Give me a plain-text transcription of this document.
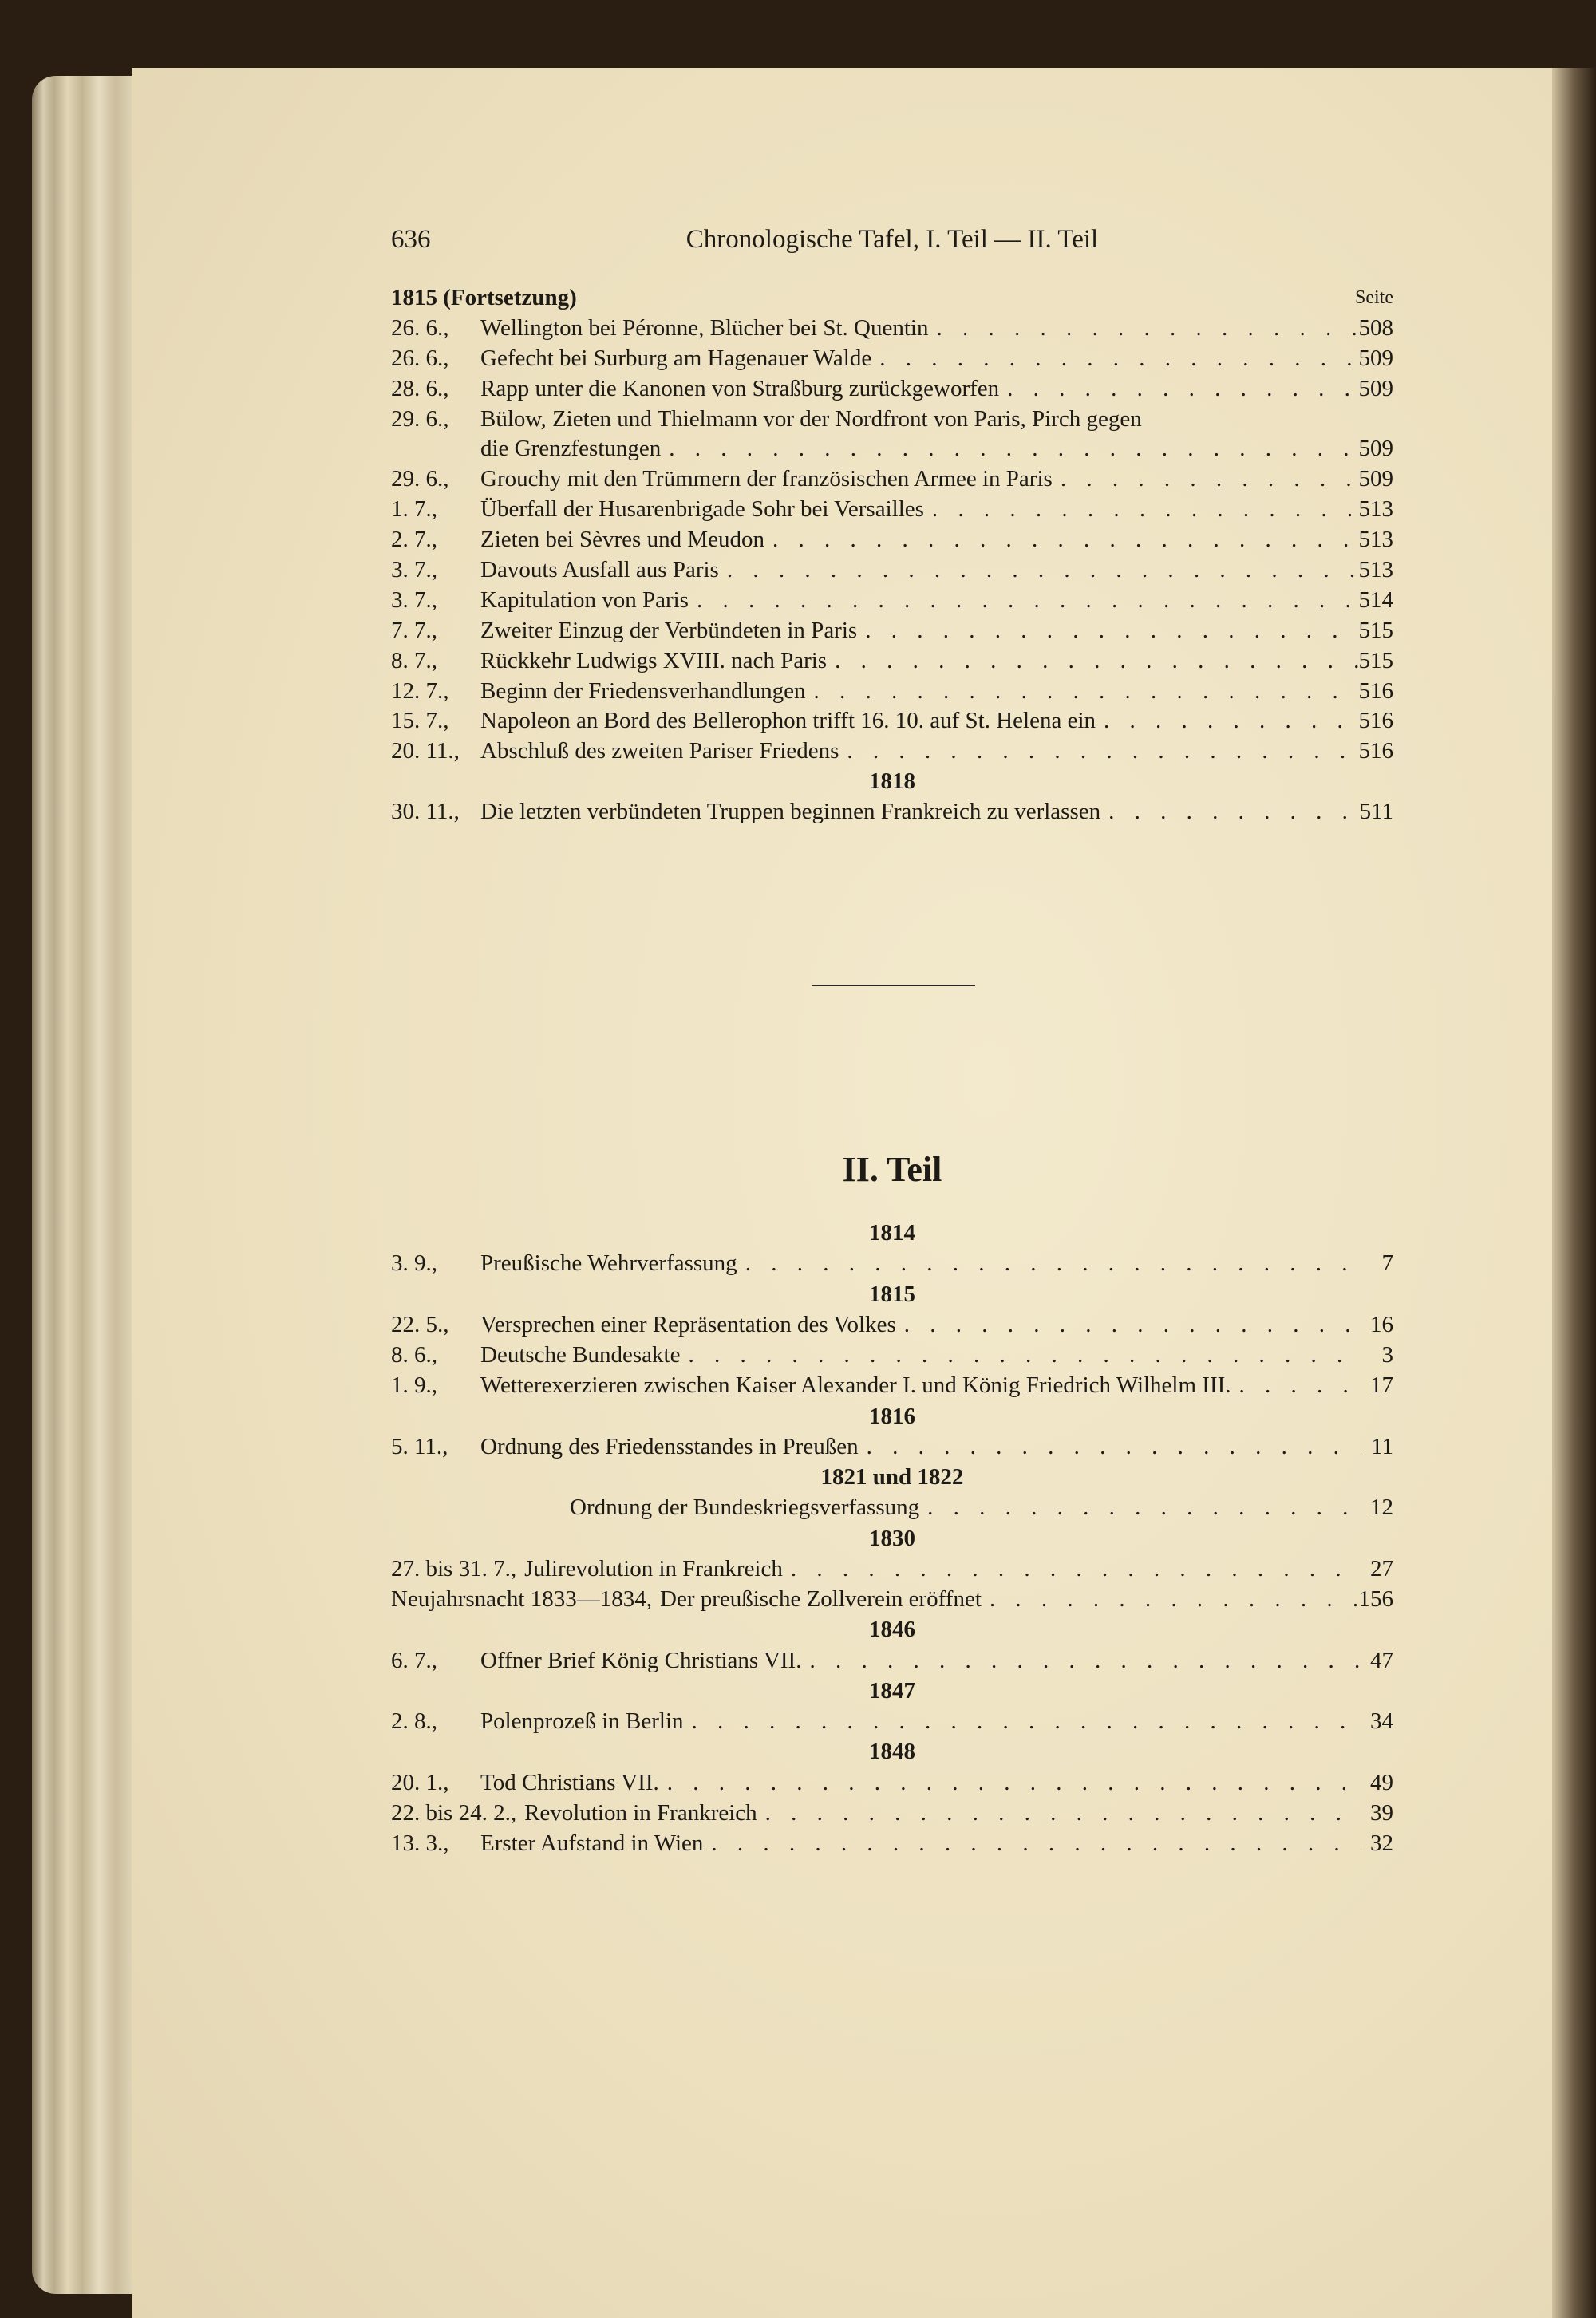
636	Chronologische Tafel, I. Teil — II. Teil
1815 (Fortsetzung)	Seite
26. 6.,	Wellington bei Péronne, Blücher bei St. Quentin . . .	508
26. 6.,	Gefecht bei Surburg am Hagenauer Walde . . .	509
28. 6.,	Rapp unter die Kanonen von Straßburg zurückgeworfen . . .	509
29. 6.,	Bülow, Zieten und Thielmann vor der Nordfront von Paris, Pirch gegen
die Grenzfestungen . . .	509
29. 6.,	Grouchy mit den Trümmern der französischen Armee in Paris . . .	509
1. 7.,	Überfall der Husarenbrigade Sohr bei Versailles . . .	513
2. 7.,	Zieten bei Sèvres und Meudon . . .	513
3. 7.,	Davouts Ausfall aus Paris . . .	513
3. 7.,	Kapitulation von Paris . . .	514
7. 7.,	Zweiter Einzug der Verbündeten in Paris . . .	515
8. 7.,	Rückkehr Ludwigs XVIII. nach Paris . . .	515
12. 7.,	Beginn der Friedensverhandlungen . . .	516
15. 7.,	Napoleon an Bord des Bellerophon trifft 16. 10. auf St. Helena ein . . .	516
20. 11., Abschluß des zweiten Pariser Friedens . . .	516
1818
30. 11., Die letzten verbündeten Truppen beginnen Frankreich zu verlassen . . .	511
II. Teil
1814
3. 9.,	Preußische Wehrverfassung . . .	7
1815
22. 5.,	Versprechen einer Repräsentation des Volkes . . .	16
8. 6.,	Deutsche Bundesakte . . .	3
1. 9.,	Wetterexerzieren zwischen Kaiser Alexander I. und König Friedrich Wilhelm III. . . .	17
1816
5. 11.,	Ordnung des Friedensstandes in Preußen . . .	11
1821 und 1822
Ordnung der Bundeskriegsverfassung . . .	12
1830
27. bis 31. 7., Julirevolution in Frankreich . . .	27
Neujahrsnacht 1833—1834, Der preußische Zollverein eröffnet . . .	156
1846
6. 7.,	Offner Brief König Christians VII. . . .	47
1847
2. 8.,	Polenprozeß in Berlin . . .	34
1848
20. 1.,	Tod Christians VII. . . .	49
22. bis 24. 2., Revolution in Frankreich . . .	39
13. 3.,	Erster Aufstand in Wien . . .	32
